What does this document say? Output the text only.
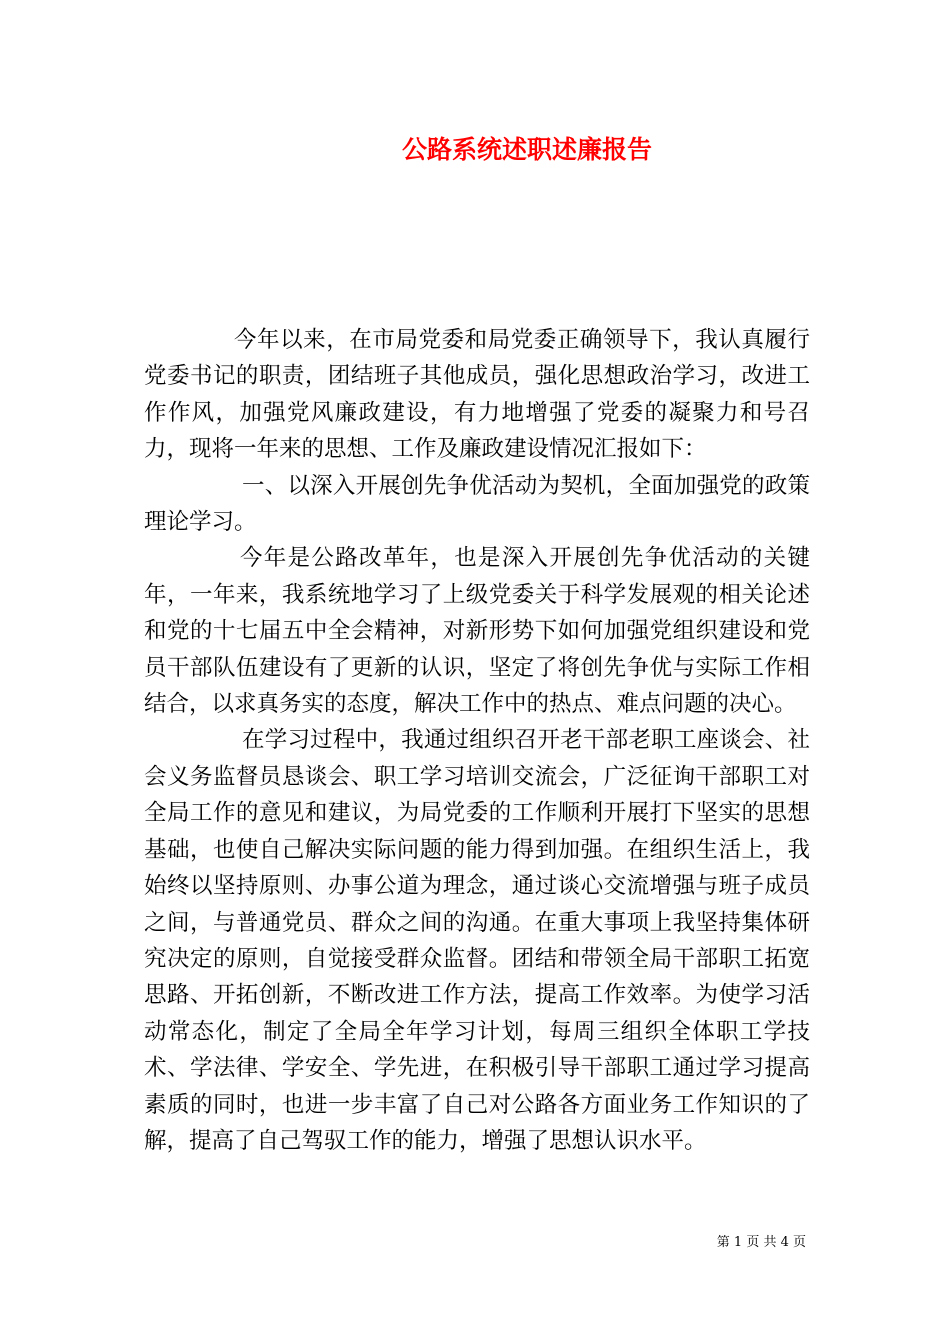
公路系统述职述廉报告

今年以来，在市局党委和局党委正确领导下，我认真履行党委书记的职责，团结班子其他成员，强化思想政治学习，改进工作作风，加强党风廉政建设，有力地增强了党委的凝聚力和号召力，现将一年来的思想、工作及廉政建设情况汇报如下：

一、以深入开展创先争优活动为契机，全面加强党的政策理论学习。

今年是公路改革年，也是深入开展创先争优活动的关键年，一年来，我系统地学习了上级党委关于科学发展观的相关论述和党的十七届五中全会精神，对新形势下如何加强党组织建设和党员干部队伍建设有了更新的认识，坚定了将创先争优与实际工作相结合，以求真务实的态度，解决工作中的热点、难点问题的决心。

在学习过程中，我通过组织召开老干部老职工座谈会、社会义务监督员恳谈会、职工学习培训交流会，广泛征询干部职工对全局工作的意见和建议，为局党委的工作顺利开展打下坚实的思想基础，也使自己解决实际问题的能力得到加强。在组织生活上，我始终以坚持原则、办事公道为理念，通过谈心交流增强与班子成员之间，与普通党员、群众之间的沟通。在重大事项上我坚持集体研究决定的原则，自觉接受群众监督。团结和带领全局干部职工拓宽思路、开拓创新，不断改进工作方法，提高工作效率。为使学习活动常态化，制定了全局全年学习计划，每周三组织全体职工学技术、学法律、学安全、学先进，在积极引导干部职工通过学习提高素质的同时，也进一步丰富了自己对公路各方面业务工作知识的了解，提高了自己驾驭工作的能力，增强了思想认识水平。

第 1 页 共 4 页
